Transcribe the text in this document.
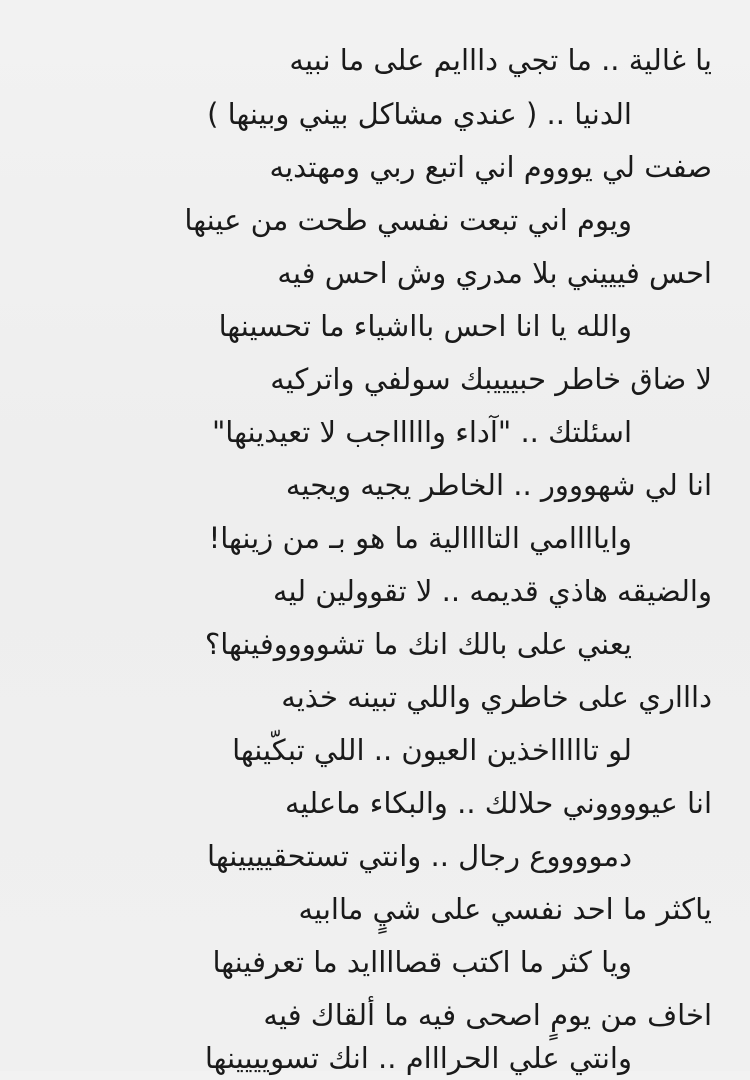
يا غالية .. ما تجي دااايم على ما نبيه
الدنيا .. ( عندي مشاكل بيني وبينها )
صفت لي يوووم اني اتبع ربي ومهتديه
ويوم اني تبعت نفسي طحت من عينها
احس فيييني بلا مدري وش احس فيه
والله يا انا احس بااشياء ما تحسينها
لا ضاق خاطر حبيييبك سولفي واتركيه
اسئلتك .. "آداء واااااجب لا تعيدينها"
انا لي شهووور .. الخاطر يجيه ويجيه
واياااامي التاااالية ما هو بـ من زينها!
والضيقه هاذي قديمه .. لا تقوولين ليه
يعني على بالك انك ما تشووووفينها؟
داااري على خاطري واللي تبينه خذيه
لو تاااااخذين العيون .. اللي تبكّينها
انا عيووووني حلالك .. والبكاء ماعليه
دمووووع رجال .. وانتي تستحقيييينها
ياكثر ما احد نفسي على شيٍ ماابيه
ويا كثر ما اكتب قصاااايد ما تعرفينها
اخاف من يومٍ اصحى فيه ما ألقاك فيه
وانتي علي الحرااام .. انك تسويييينها
